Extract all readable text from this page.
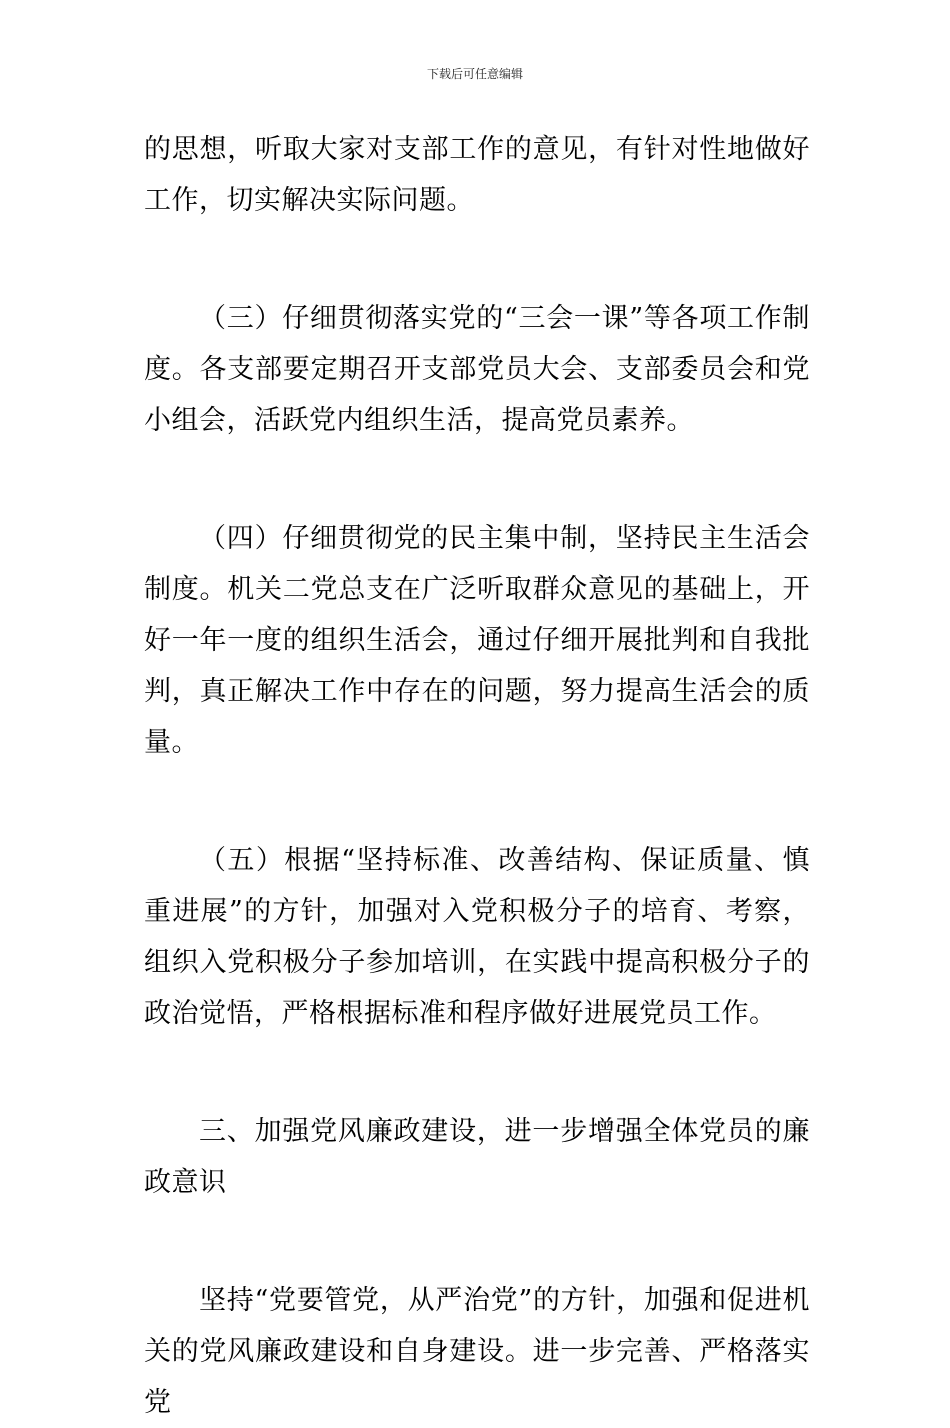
下载后可任意编辑

的思想，听取大家对支部工作的意见，有针对性地做好工作，切实解决实际问题。

（三）仔细贯彻落实党的“三会一课”等各项工作制度。各支部要定期召开支部党员大会、支部委员会和党小组会，活跃党内组织生活，提高党员素养。

（四）仔细贯彻党的民主集中制，坚持民主生活会制度。机关二党总支在广泛听取群众意见的基础上，开好一年一度的组织生活会，通过仔细开展批判和自我批判，真正解决工作中存在的问题，努力提高生活会的质量。

（五）根据“坚持标准、改善结构、保证质量、慎重进展”的方针，加强对入党积极分子的培育、考察，组织入党积极分子参加培训，在实践中提高积极分子的政治觉悟，严格根据标准和程序做好进展党员工作。

三、加强党风廉政建设，进一步增强全体党员的廉政意识

坚持“党要管党，从严治党”的方针，加强和促进机关的党风廉政建设和自身建设。进一步完善、严格落实党
